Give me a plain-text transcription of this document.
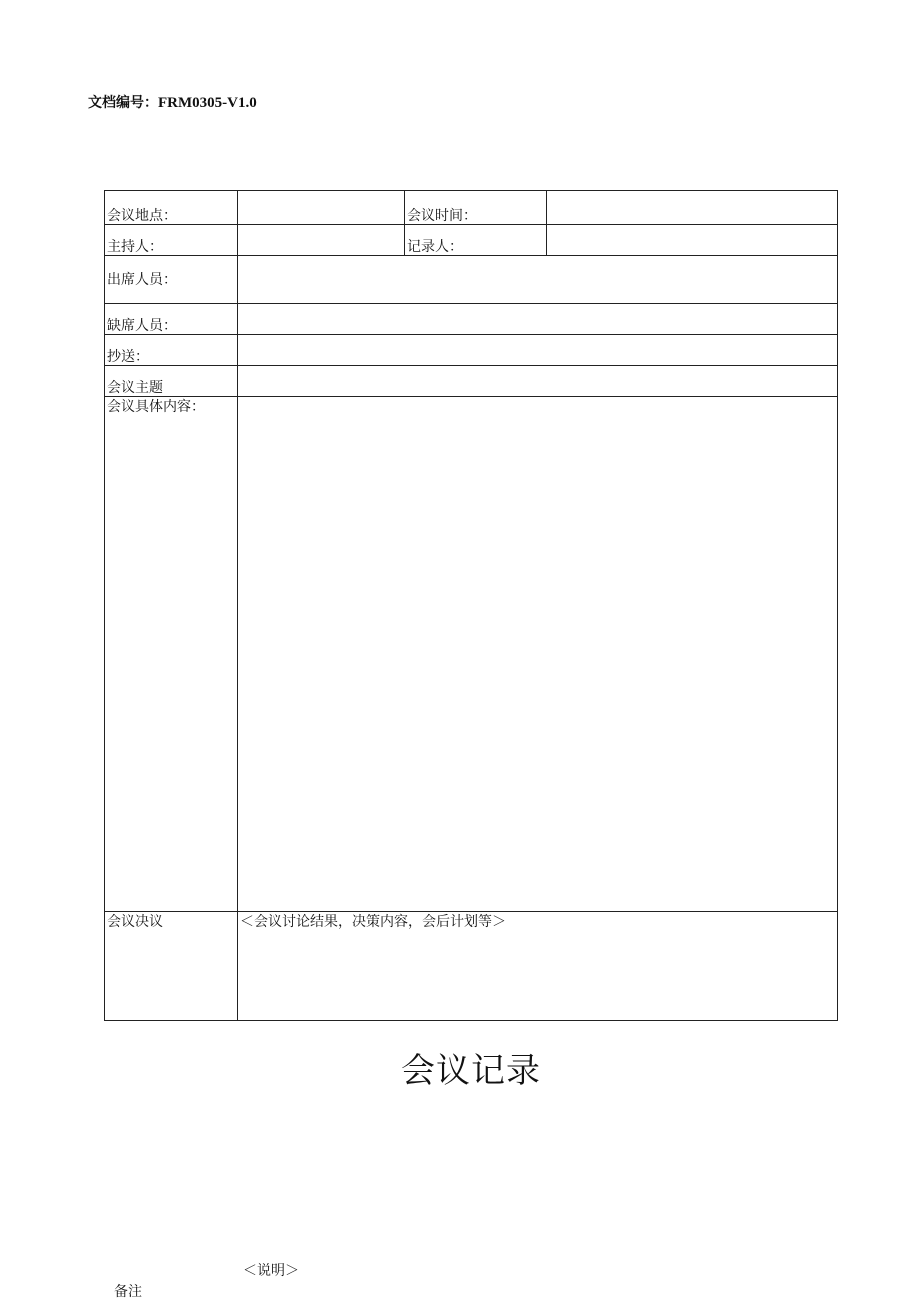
文档编号：FRM0305-V1.0
会议地点：		会议时间：	
主持人：		记录人：	
出席人员：			
缺席人员：			
抄送：			
会议主题			
会议具体内容：			
会议决议	＜会议讨论结果，决策内容，会后计划等＞		
会议记录
备注
＜说明＞
